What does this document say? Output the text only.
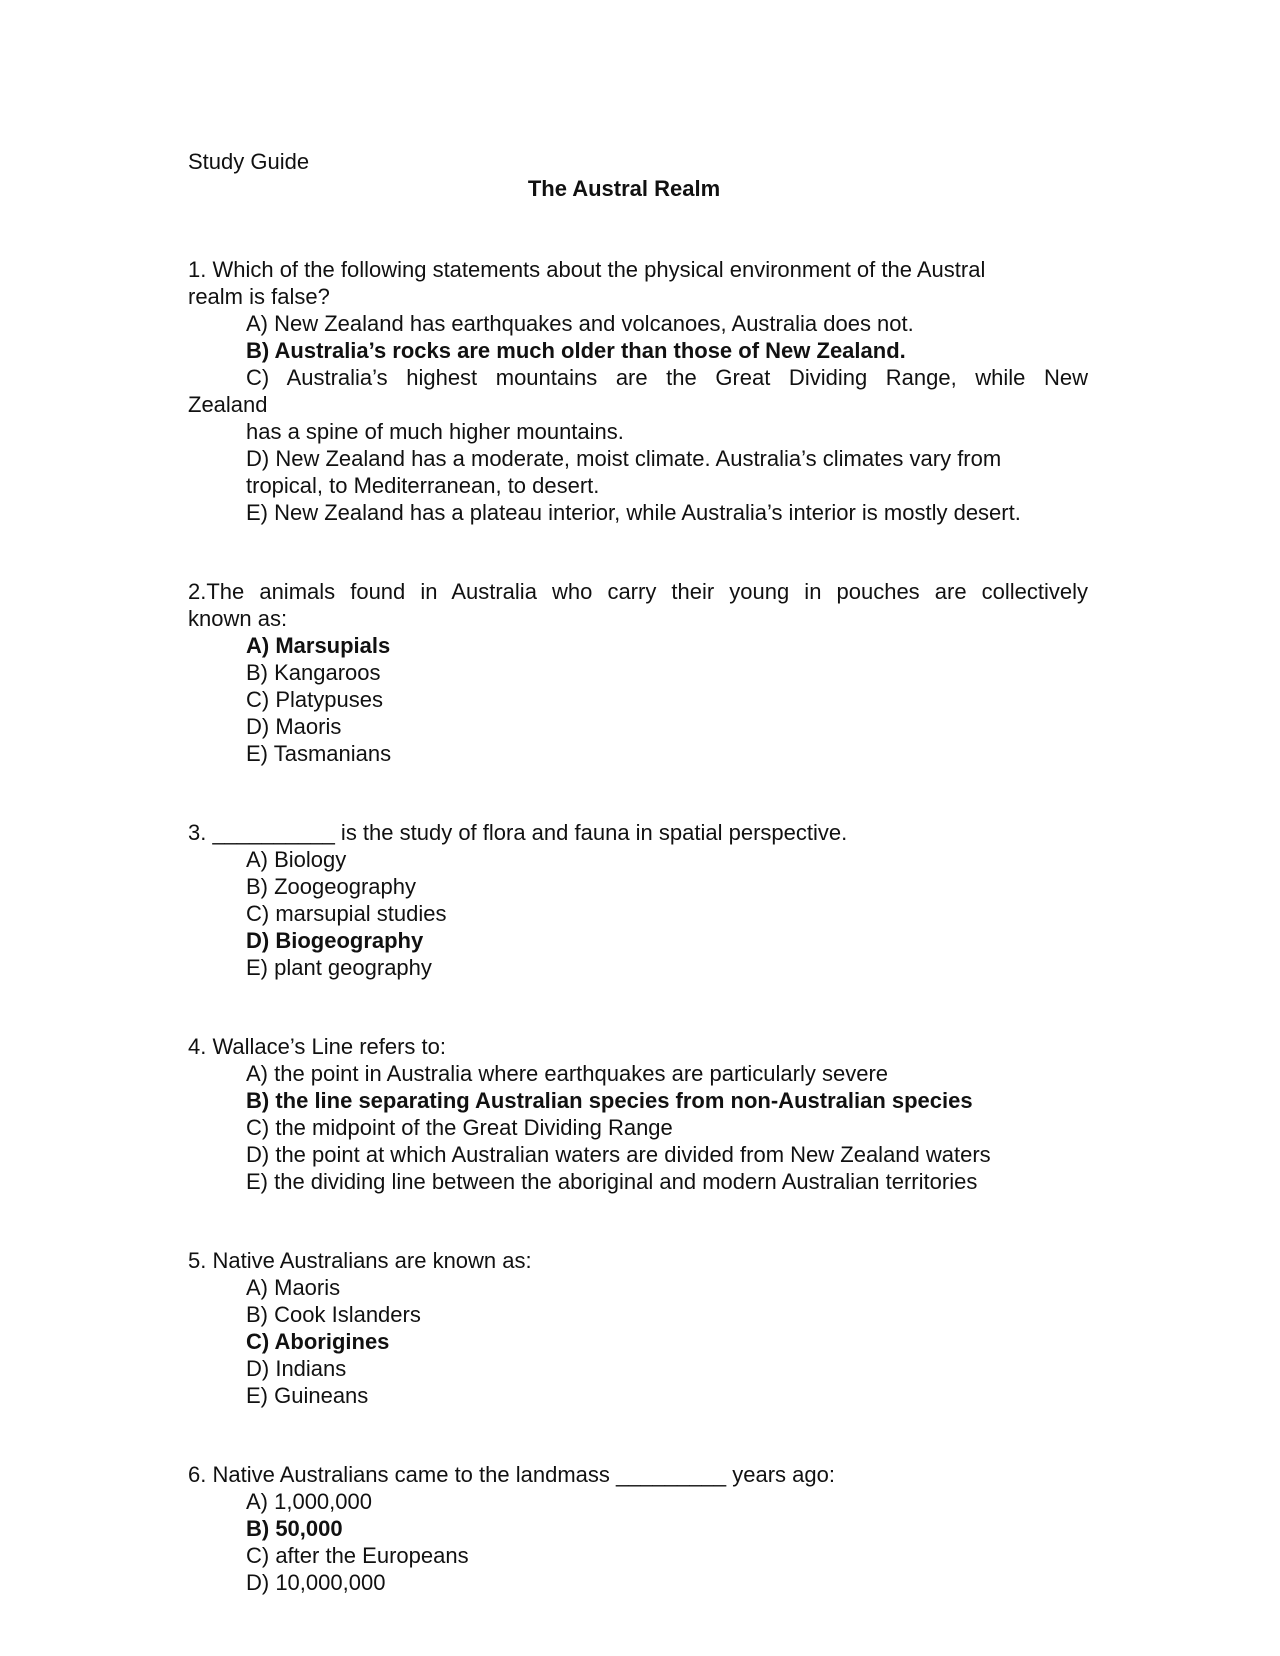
Study Guide
The Austral Realm
1. Which of the following statements about the physical environment of the Austral
realm is false?
A) New Zealand has earthquakes and volcanoes, Australia does not.
B) Australia’s rocks are much older than those of New Zealand.
C) Australia’s highest mountains are the Great Dividing Range, while New
Zealand
has a spine of much higher mountains.
D) New Zealand has a moderate, moist climate. Australia’s climates vary from
tropical, to Mediterranean, to desert.
E) New Zealand has a plateau interior, while Australia’s interior is mostly desert.
2.The animals found in Australia who carry their young in pouches are collectively
known as:
A) Marsupials
B) Kangaroos
C) Platypuses
D) Maoris
E) Tasmanians
3. __________ is the study of flora and fauna in spatial perspective.
A) Biology
B) Zoogeography
C) marsupial studies
D) Biogeography
E) plant geography
4. Wallace’s Line refers to:
A) the point in Australia where earthquakes are particularly severe
B) the line separating Australian species from non-Australian species
C) the midpoint of the Great Dividing Range
D) the point at which Australian waters are divided from New Zealand waters
E) the dividing line between the aboriginal and modern Australian territories
5. Native Australians are known as:
A) Maoris
B) Cook Islanders
C) Aborigines
D) Indians
E) Guineans
6. Native Australians came to the landmass _________ years ago:
A) 1,000,000
B) 50,000
C) after the Europeans
D) 10,000,000
